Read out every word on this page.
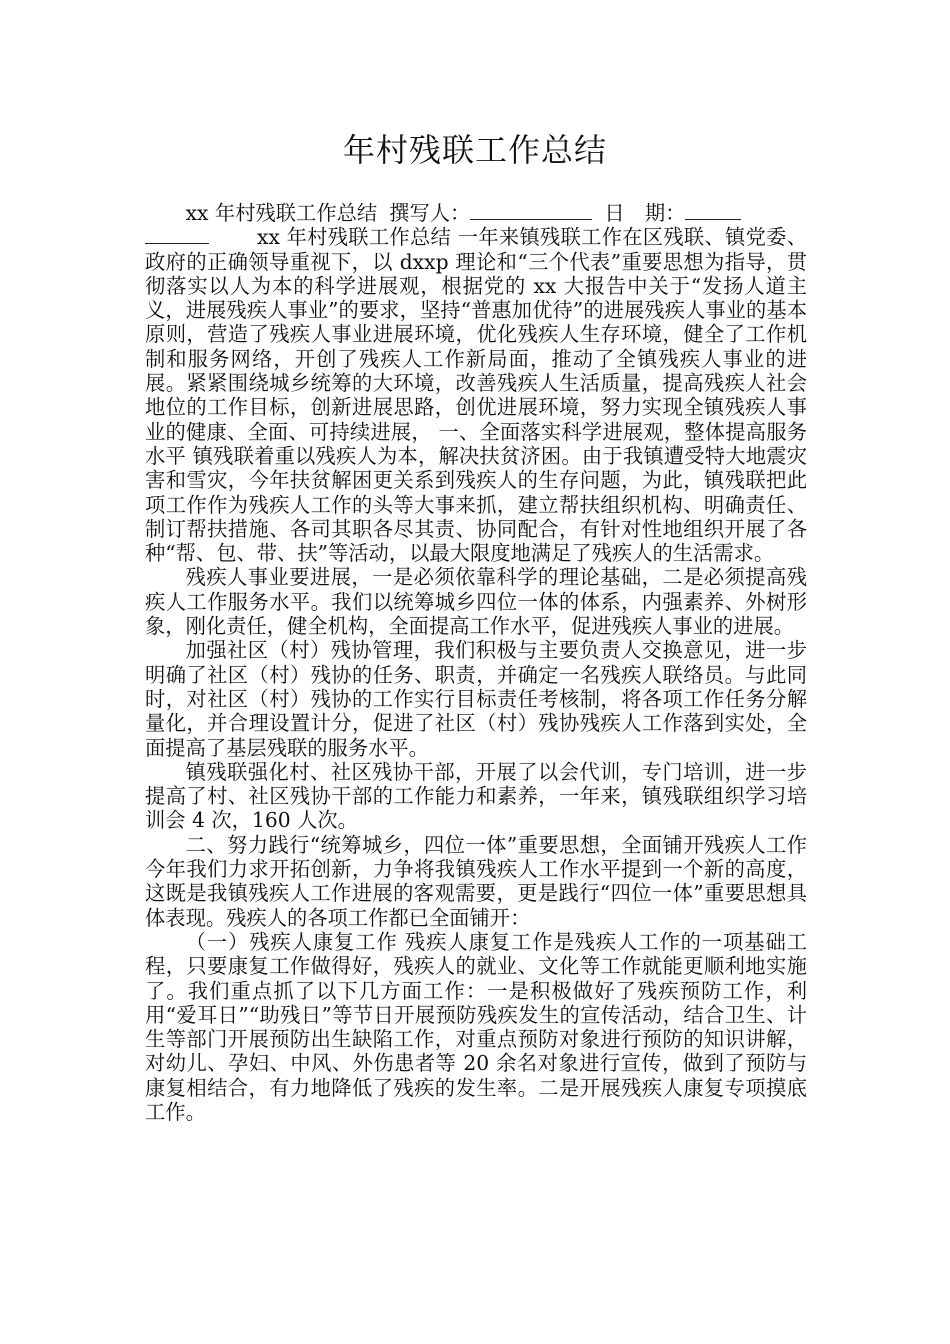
年村残联工作总结

xx 年村残联工作总结 撰写人：	日　期：

xx 年村残联工作总结 一年来镇残联工作在区残联、镇党委、政府的正确领导重视下，以 dxxp 理论和“三个代表”重要思想为指导，贯彻落实以人为本的科学进展观，根据党的 xx 大报告中关于“发扬人道主义，进展残疾人事业”的要求，坚持“普惠加优待”的进展残疾人事业的基本原则，营造了残疾人事业进展环境，优化残疾人生存环境，健全了工作机制和服务网络，开创了残疾人工作新局面，推动了全镇残疾人事业的进展。紧紧围绕城乡统筹的大环境，改善残疾人生活质量，提高残疾人社会地位的工作目标，创新进展思路，创优进展环境，努力实现全镇残疾人事业的健康、全面、可持续进展， 一、全面落实科学进展观，整体提高服务水平 镇残联着重以残疾人为本，解决扶贫济困。由于我镇遭受特大地震灾害和雪灾，今年扶贫解困更关系到残疾人的生存问题，为此，镇残联把此项工作作为残疾人工作的头等大事来抓，建立帮扶组织机构、明确责任、制订帮扶措施、各司其职各尽其责、协同配合，有针对性地组织开展了各种“帮、包、带、扶”等活动，以最大限度地满足了残疾人的生活需求。

残疾人事业要进展，一是必须依靠科学的理论基础，二是必须提高残疾人工作服务水平。我们以统筹城乡四位一体的体系，内强素养、外树形象，刚化责任，健全机构，全面提高工作水平，促进残疾人事业的进展。

加强社区（村）残协管理，我们积极与主要负责人交换意见，进一步明确了社区（村）残协的任务、职责，并确定一名残疾人联络员。与此同时，对社区（村）残协的工作实行目标责任考核制，将各项工作任务分解量化，并合理设置计分，促进了社区（村）残协残疾人工作落到实处，全面提高了基层残联的服务水平。

镇残联强化村、社区残协干部，开展了以会代训，专门培训，进一步提高了村、社区残协干部的工作能力和素养，一年来，镇残联组织学习培训会 4 次，160 人次。

二、努力践行“统筹城乡，四位一体”重要思想，全面铺开残疾人工作 今年我们力求开拓创新，力争将我镇残疾人工作水平提到一个新的高度，这既是我镇残疾人工作进展的客观需要，更是践行“四位一体”重要思想具体表现。残疾人的各项工作都已全面铺开：

（一）残疾人康复工作 残疾人康复工作是残疾人工作的一项基础工程，只要康复工作做得好，残疾人的就业、文化等工作就能更顺利地实施了。我们重点抓了以下几方面工作：一是积极做好了残疾预防工作，利用“爱耳日”“助残日”等节日开展预防残疾发生的宣传活动，结合卫生、计生等部门开展预防出生缺陷工作，对重点预防对象进行预防的知识讲解，对幼儿、孕妇、中风、外伤患者等 20 余名对象进行宣传，做到了预防与康复相结合，有力地降低了残疾的发生率。二是开展残疾人康复专项摸底工作。
